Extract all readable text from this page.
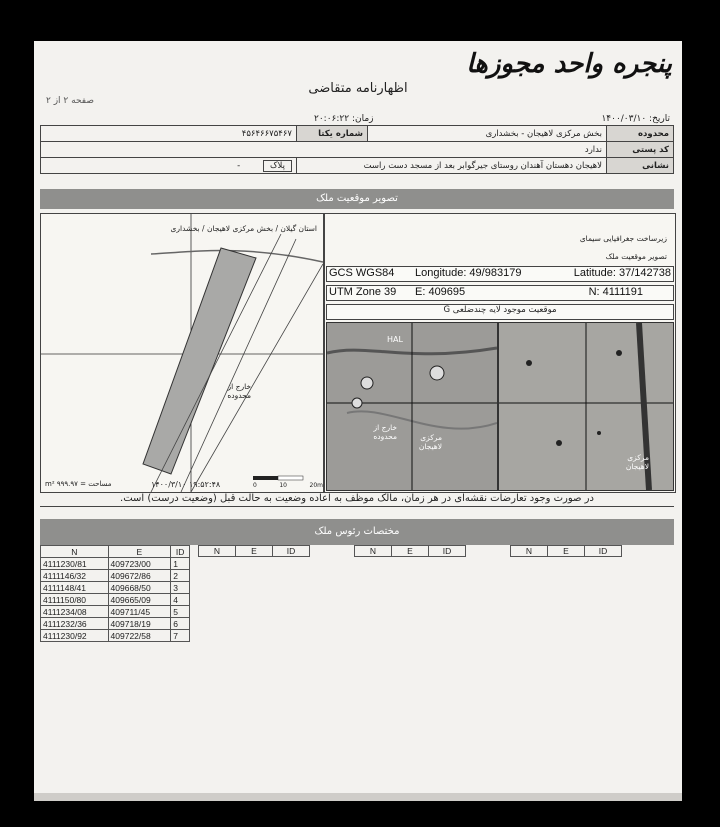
پنجره واحد مجوزها
اظهارنامه متقاضی
صفحه ۲ از ۲
تاریخ: ۱۴۰۰/۰۳/۱۰
زمان: ۲۰:۰۶:۲۲
محدوده	بخش مرکزی لاهیجان - بخشداری	شماره یکتا	۴۵۶۴۶۶۷۵۴۶۷
کد پستی	ندارد		
نشانی	لاهیجان دهستان آهندان روستای جیرگوابر بعد از مسجد دست راست		پلاک -
تصویر موقعیت ملک
استان گیلان / بخش مرکزی لاهیجان / بخشداری
خارج از محدوده
۱۴۰۰/۳/۱۰ ۱۹:۵۲:۴۸
مساحت = ۹۹۹.۹۷ m²	0	10	20m
زیرساخت جغرافیایی سیمای
تصویر موقعیت ملک
GCS WGS84 Longitude: 49/983179	Latitude: 37/142738
UTM Zone 39 E: 409695	N: 4111191
موقعیت موجود لایه چندضلعی G
HAL
خارج از محدوده	مرکزی لاهیجان
مرکزی لاهیجان
در صورت وجود تعارضات نقشه‌ای در هر زمان، مالک موظف به اعاده وضعیت به حالت قبل (وضعیت درست) است.
مختصات رئوس ملک
N	E	ID
4111230/81	409723/00	1
4111146/32	409672/86	2
4111148/41	409668/50	3
4111150/80	409665/09	4
4111234/08	409711/45	5
4111232/36	409718/19	6
4111230/92	409722/58	7
N	E	ID	N	E	ID	N	E	ID
